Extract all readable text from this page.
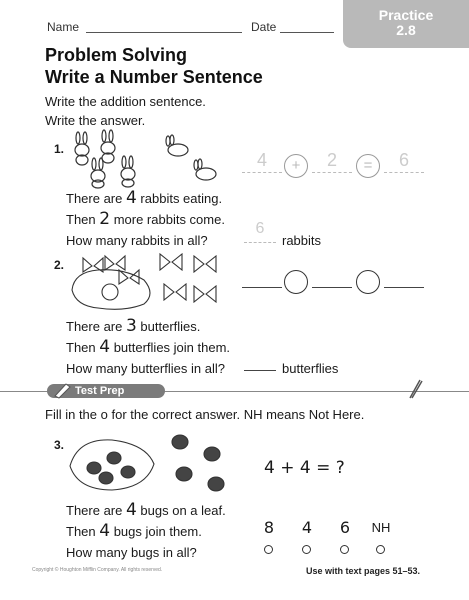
Name	Date
Practice
2.8
Problem Solving
Write a Number Sentence
Write the addition sentence.
Write the answer.
1.
4	+	2	=	6
There are 4 rabbits eating.
Then 2 more rabbits come.
How many rabbits in all?
6
rabbits
2.
There are 3 butterflies.
Then 4 butterflies join them.
How many butterflies in all?	butterflies
Test Prep
Fill in the o for the correct answer. NH means Not Here.
3.
4 + 4 = ?
There are 4 bugs on a leaf.
Then 4 bugs join them.
How many bugs in all?
8	4	6	NH
Copyright © Houghton Mifflin Company. All rights reserved.	Use with text pages 51–53.
